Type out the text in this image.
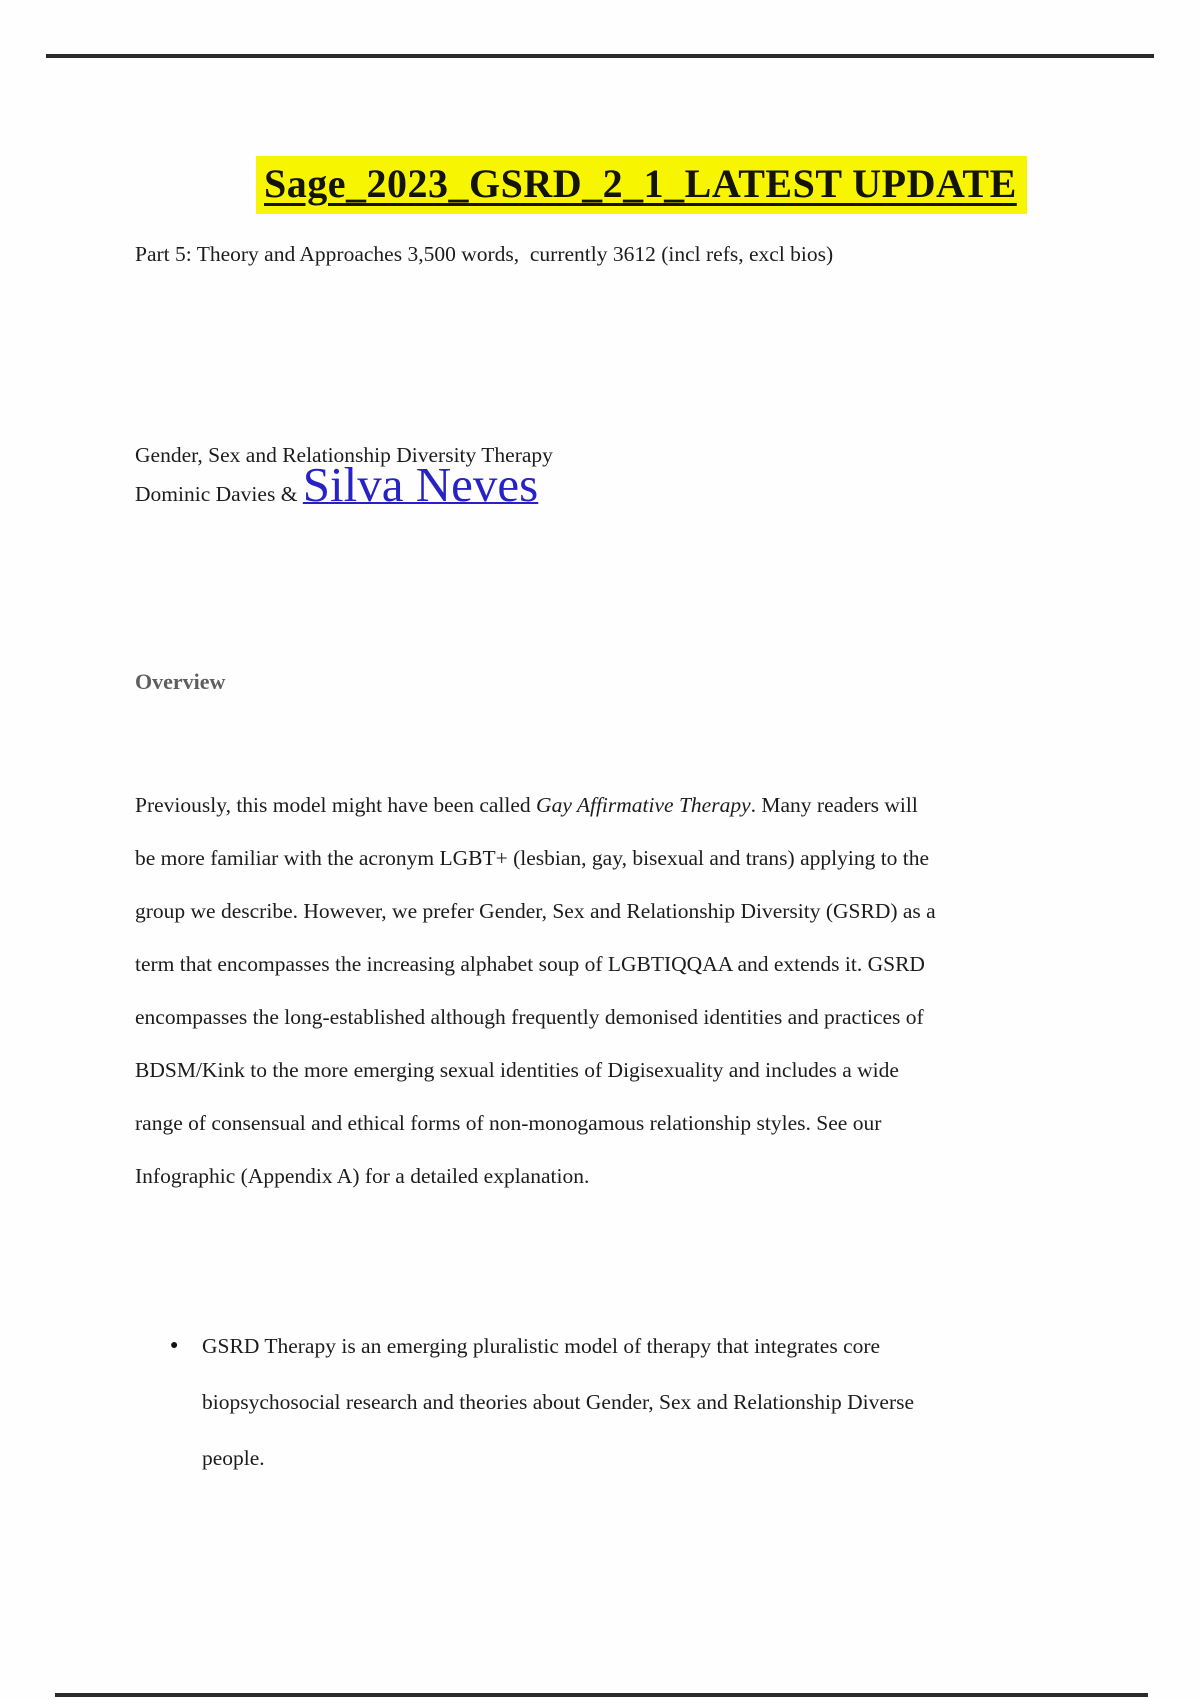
Sage_2023_GSRD_2_1_LATEST UPDATE

Part 5: Theory and Approaches 3,500 words,  currently 3612 (incl refs, excl bios)
Gender, Sex and Relationship Diversity Therapy
Dominic Davies & Silva Neves
Overview
Previously, this model might have been called Gay Affirmative Therapy. Many readers will
be more familiar with the acronym LGBT+ (lesbian, gay, bisexual and trans) applying to the
group we describe. However, we prefer Gender, Sex and Relationship Diversity (GSRD) as a
term that encompasses the increasing alphabet soup of LGBTIQQAA and extends it. GSRD
encompasses the long-established although frequently demonised identities and practices of
BDSM/Kink to the more emerging sexual identities of Digisexuality and includes a wide
range of consensual and ethical forms of non-monogamous relationship styles. See our
Infographic (Appendix A) for a detailed explanation.
● GSRD Therapy is an emerging pluralistic model of therapy that integrates core
biopsychosocial research and theories about Gender, Sex and Relationship Diverse
people.
